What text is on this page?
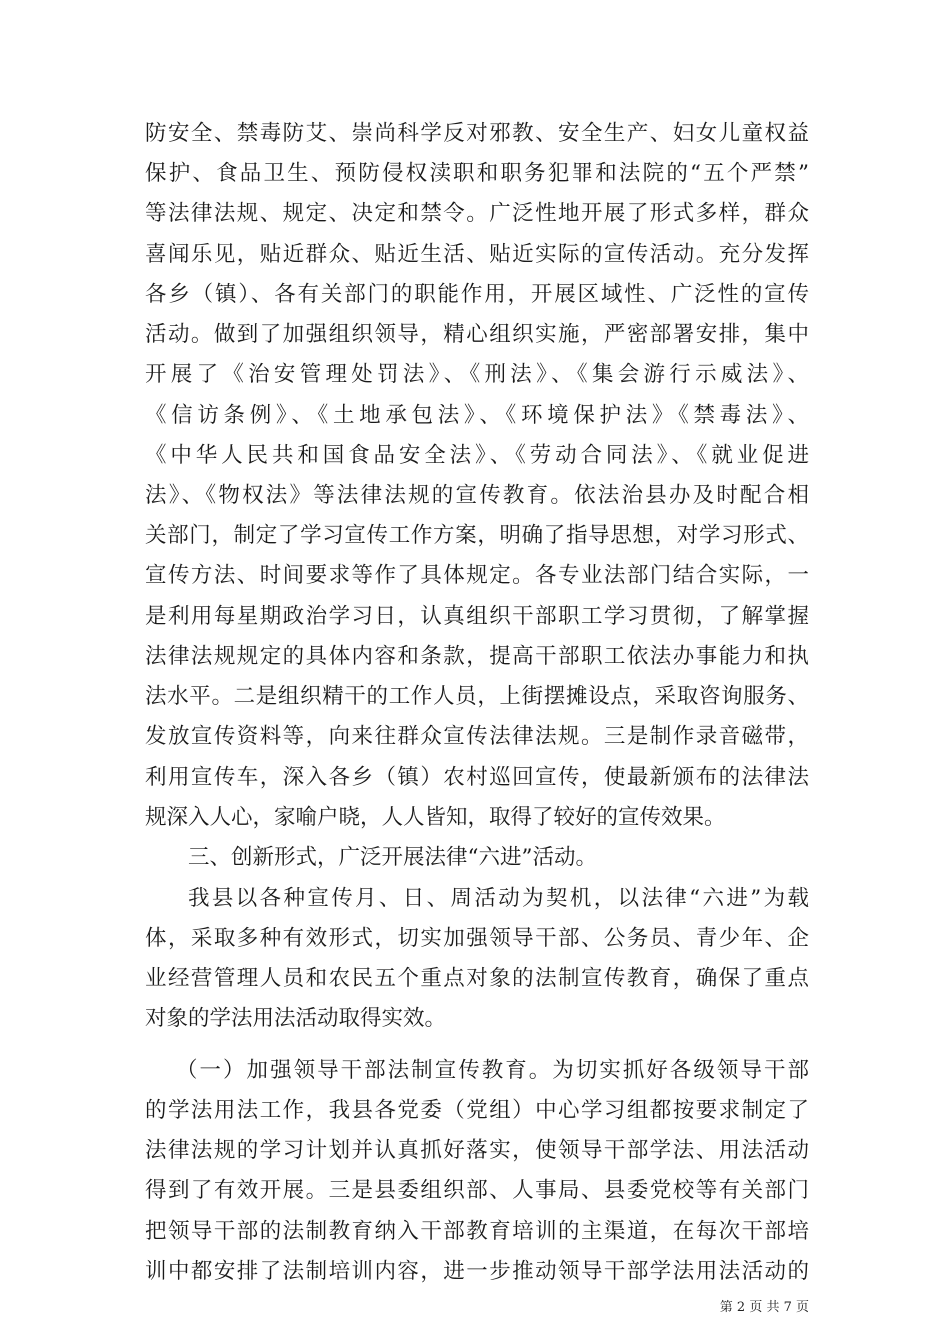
防安全、禁毒防艾、崇尚科学反对邪教、安全生产、妇女儿童权益
保护、食品卫生、预防侵权渎职和职务犯罪和法院的“五个严禁”
等法律法规、规定、决定和禁令。广泛性地开展了形式多样，群众
喜闻乐见，贴近群众、贴近生活、贴近实际的宣传活动。充分发挥
各乡（镇）、各有关部门的职能作用，开展区域性、广泛性的宣传
活动。做到了加强组织领导，精心组织实施，严密部署安排，集中
开展了《治安管理处罚法》、《刑法》、《集会游行示威法》、
《信访条例》、《土地承包法》、《环境保护法》《禁毒法》、
《中华人民共和国食品安全法》、《劳动合同法》、《就业促进
法》、《物权法》等法律法规的宣传教育。依法治县办及时配合相
关部门，制定了学习宣传工作方案，明确了指导思想，对学习形式、
宣传方法、时间要求等作了具体规定。各专业法部门结合实际，一
是利用每星期政治学习日，认真组织干部职工学习贯彻，了解掌握
法律法规规定的具体内容和条款，提高干部职工依法办事能力和执
法水平。二是组织精干的工作人员，上街摆摊设点，采取咨询服务、
发放宣传资料等，向来往群众宣传法律法规。三是制作录音磁带，
利用宣传车，深入各乡（镇）农村巡回宣传，使最新颁布的法律法
规深入人心，家喻户晓，人人皆知，取得了较好的宣传效果。
三、创新形式，广泛开展法律“六进”活动。
我县以各种宣传月、日、周活动为契机，以法律“六进”为载
体，采取多种有效形式，切实加强领导干部、公务员、青少年、企
业经营管理人员和农民五个重点对象的法制宣传教育，确保了重点
对象的学法用法活动取得实效。
（一）加强领导干部法制宣传教育。为切实抓好各级领导干部
的学法用法工作，我县各党委（党组）中心学习组都按要求制定了
法律法规的学习计划并认真抓好落实，使领导干部学法、用法活动
得到了有效开展。三是县委组织部、人事局、县委党校等有关部门
把领导干部的法制教育纳入干部教育培训的主渠道，在每次干部培
训中都安排了法制培训内容，进一步推动领导干部学法用法活动的
第 2 页 共 7 页
